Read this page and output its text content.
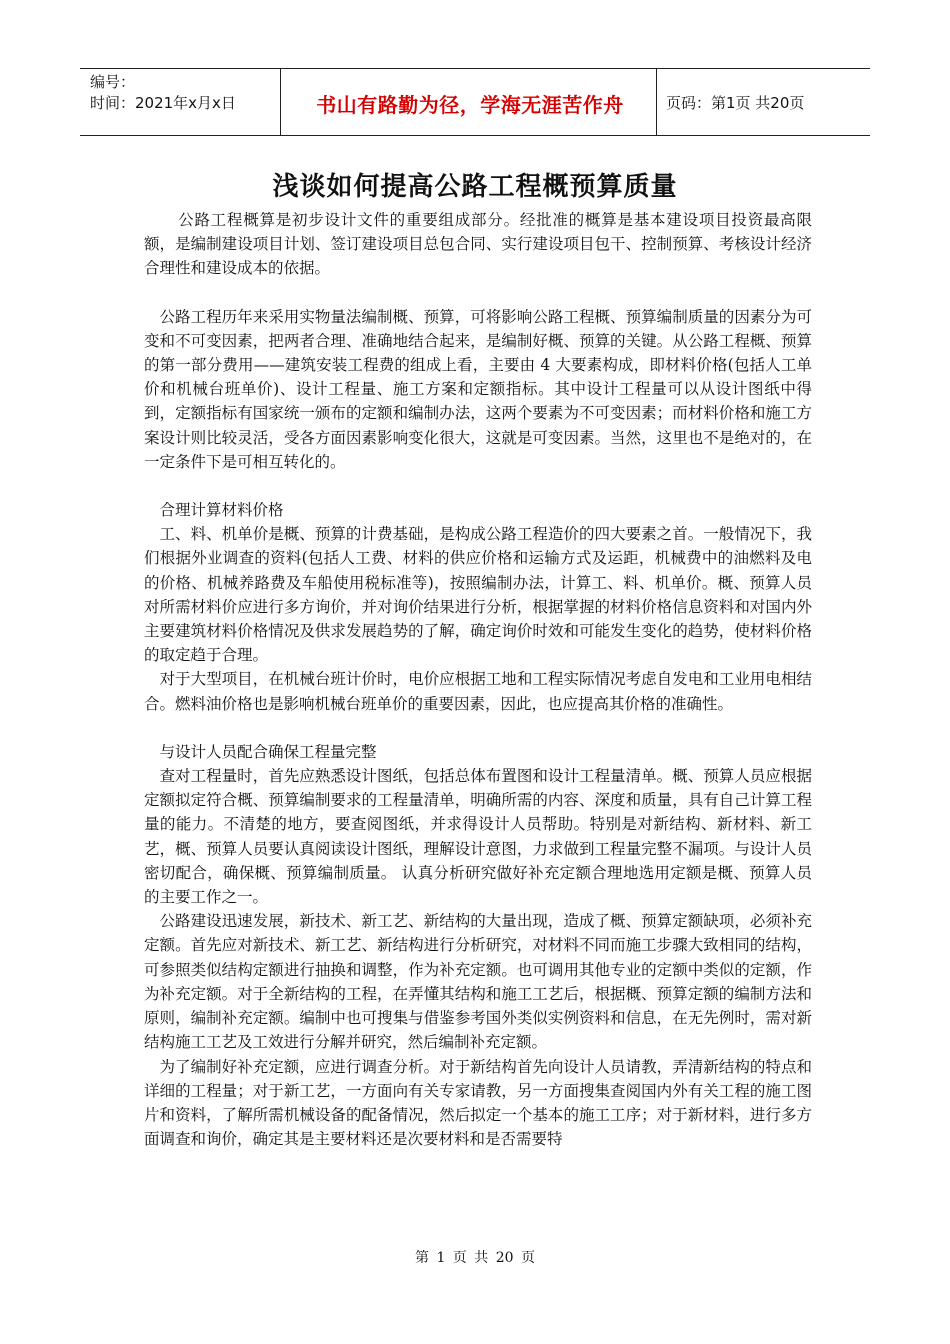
编号：
时间：2021年x月x日	书山有路勤为径，学海无涯苦作舟	页码：第1页 共20页
浅谈如何提高公路工程概预算质量

公路工程概算是初步设计文件的重要组成部分。经批准的概算是基本建设项目投资最高限额，是编制建设项目计划、签订建设项目总包合同、实行建设项目包干、控制预算、考核设计经济合理性和建设成本的依据。

公路工程历年来采用实物量法编制概、预算，可将影响公路工程概、预算编制质量的因素分为可变和不可变因素，把两者合理、准确地结合起来，是编制好概、预算的关键。从公路工程概、预算的第一部分费用——建筑安装工程费的组成上看，主要由 4 大要素构成，即材料价格(包括人工单价和机械台班单价)、设计工程量、施工方案和定额指标。其中设计工程量可以从设计图纸中得到，定额指标有国家统一颁布的定额和编制办法，这两个要素为不可变因素；而材料价格和施工方案设计则比较灵活，受各方面因素影响变化很大，这就是可变因素。当然，这里也不是绝对的，在一定条件下是可相互转化的。

合理计算材料价格

工、料、机单价是概、预算的计费基础，是构成公路工程造价的四大要素之首。一般情况下，我们根据外业调查的资料(包括人工费、材料的供应价格和运输方式及运距，机械费中的油燃料及电的价格、机械养路费及车船使用税标准等)，按照编制办法，计算工、料、机单价。概、预算人员对所需材料价应进行多方询价，并对询价结果进行分析，根据掌握的材料价格信息资料和对国内外主要建筑材料价格情况及供求发展趋势的了解，确定询价时效和可能发生变化的趋势，使材料价格的取定趋于合理。

对于大型项目，在机械台班计价时，电价应根据工地和工程实际情况考虑自发电和工业用电相结合。燃料油价格也是影响机械台班单价的重要因素，因此，也应提高其价格的准确性。

与设计人员配合确保工程量完整

查对工程量时，首先应熟悉设计图纸，包括总体布置图和设计工程量清单。概、预算人员应根据定额拟定符合概、预算编制要求的工程量清单，明确所需的内容、深度和质量，具有自己计算工程量的能力。不清楚的地方，要查阅图纸，并求得设计人员帮助。特别是对新结构、新材料、新工艺，概、预算人员要认真阅读设计图纸，理解设计意图，力求做到工程量完整不漏项。与设计人员密切配合，确保概、预算编制质量。 认真分析研究做好补充定额合理地选用定额是概、预算人员的主要工作之一。

公路建设迅速发展，新技术、新工艺、新结构的大量出现，造成了概、预算定额缺项，必须补充定额。首先应对新技术、新工艺、新结构进行分析研究，对材料不同而施工步骤大致相同的结构，可参照类似结构定额进行抽换和调整，作为补充定额。也可调用其他专业的定额中类似的定额，作为补充定额。对于全新结构的工程，在弄懂其结构和施工工艺后，根据概、预算定额的编制方法和原则，编制补充定额。编制中也可搜集与借鉴参考国外类似实例资料和信息，在无先例时，需对新结构施工工艺及工效进行分解并研究，然后编制补充定额。

为了编制好补充定额，应进行调查分析。对于新结构首先向设计人员请教，弄清新结构的特点和详细的工程量；对于新工艺，一方面向有关专家请教，另一方面搜集查阅国内外有关工程的施工图片和资料，了解所需机械设备的配备情况，然后拟定一个基本的施工工序；对于新材料，进行多方面调查和询价，确定其是主要材料还是次要材料和是否需要特

第 1 页 共 20 页
